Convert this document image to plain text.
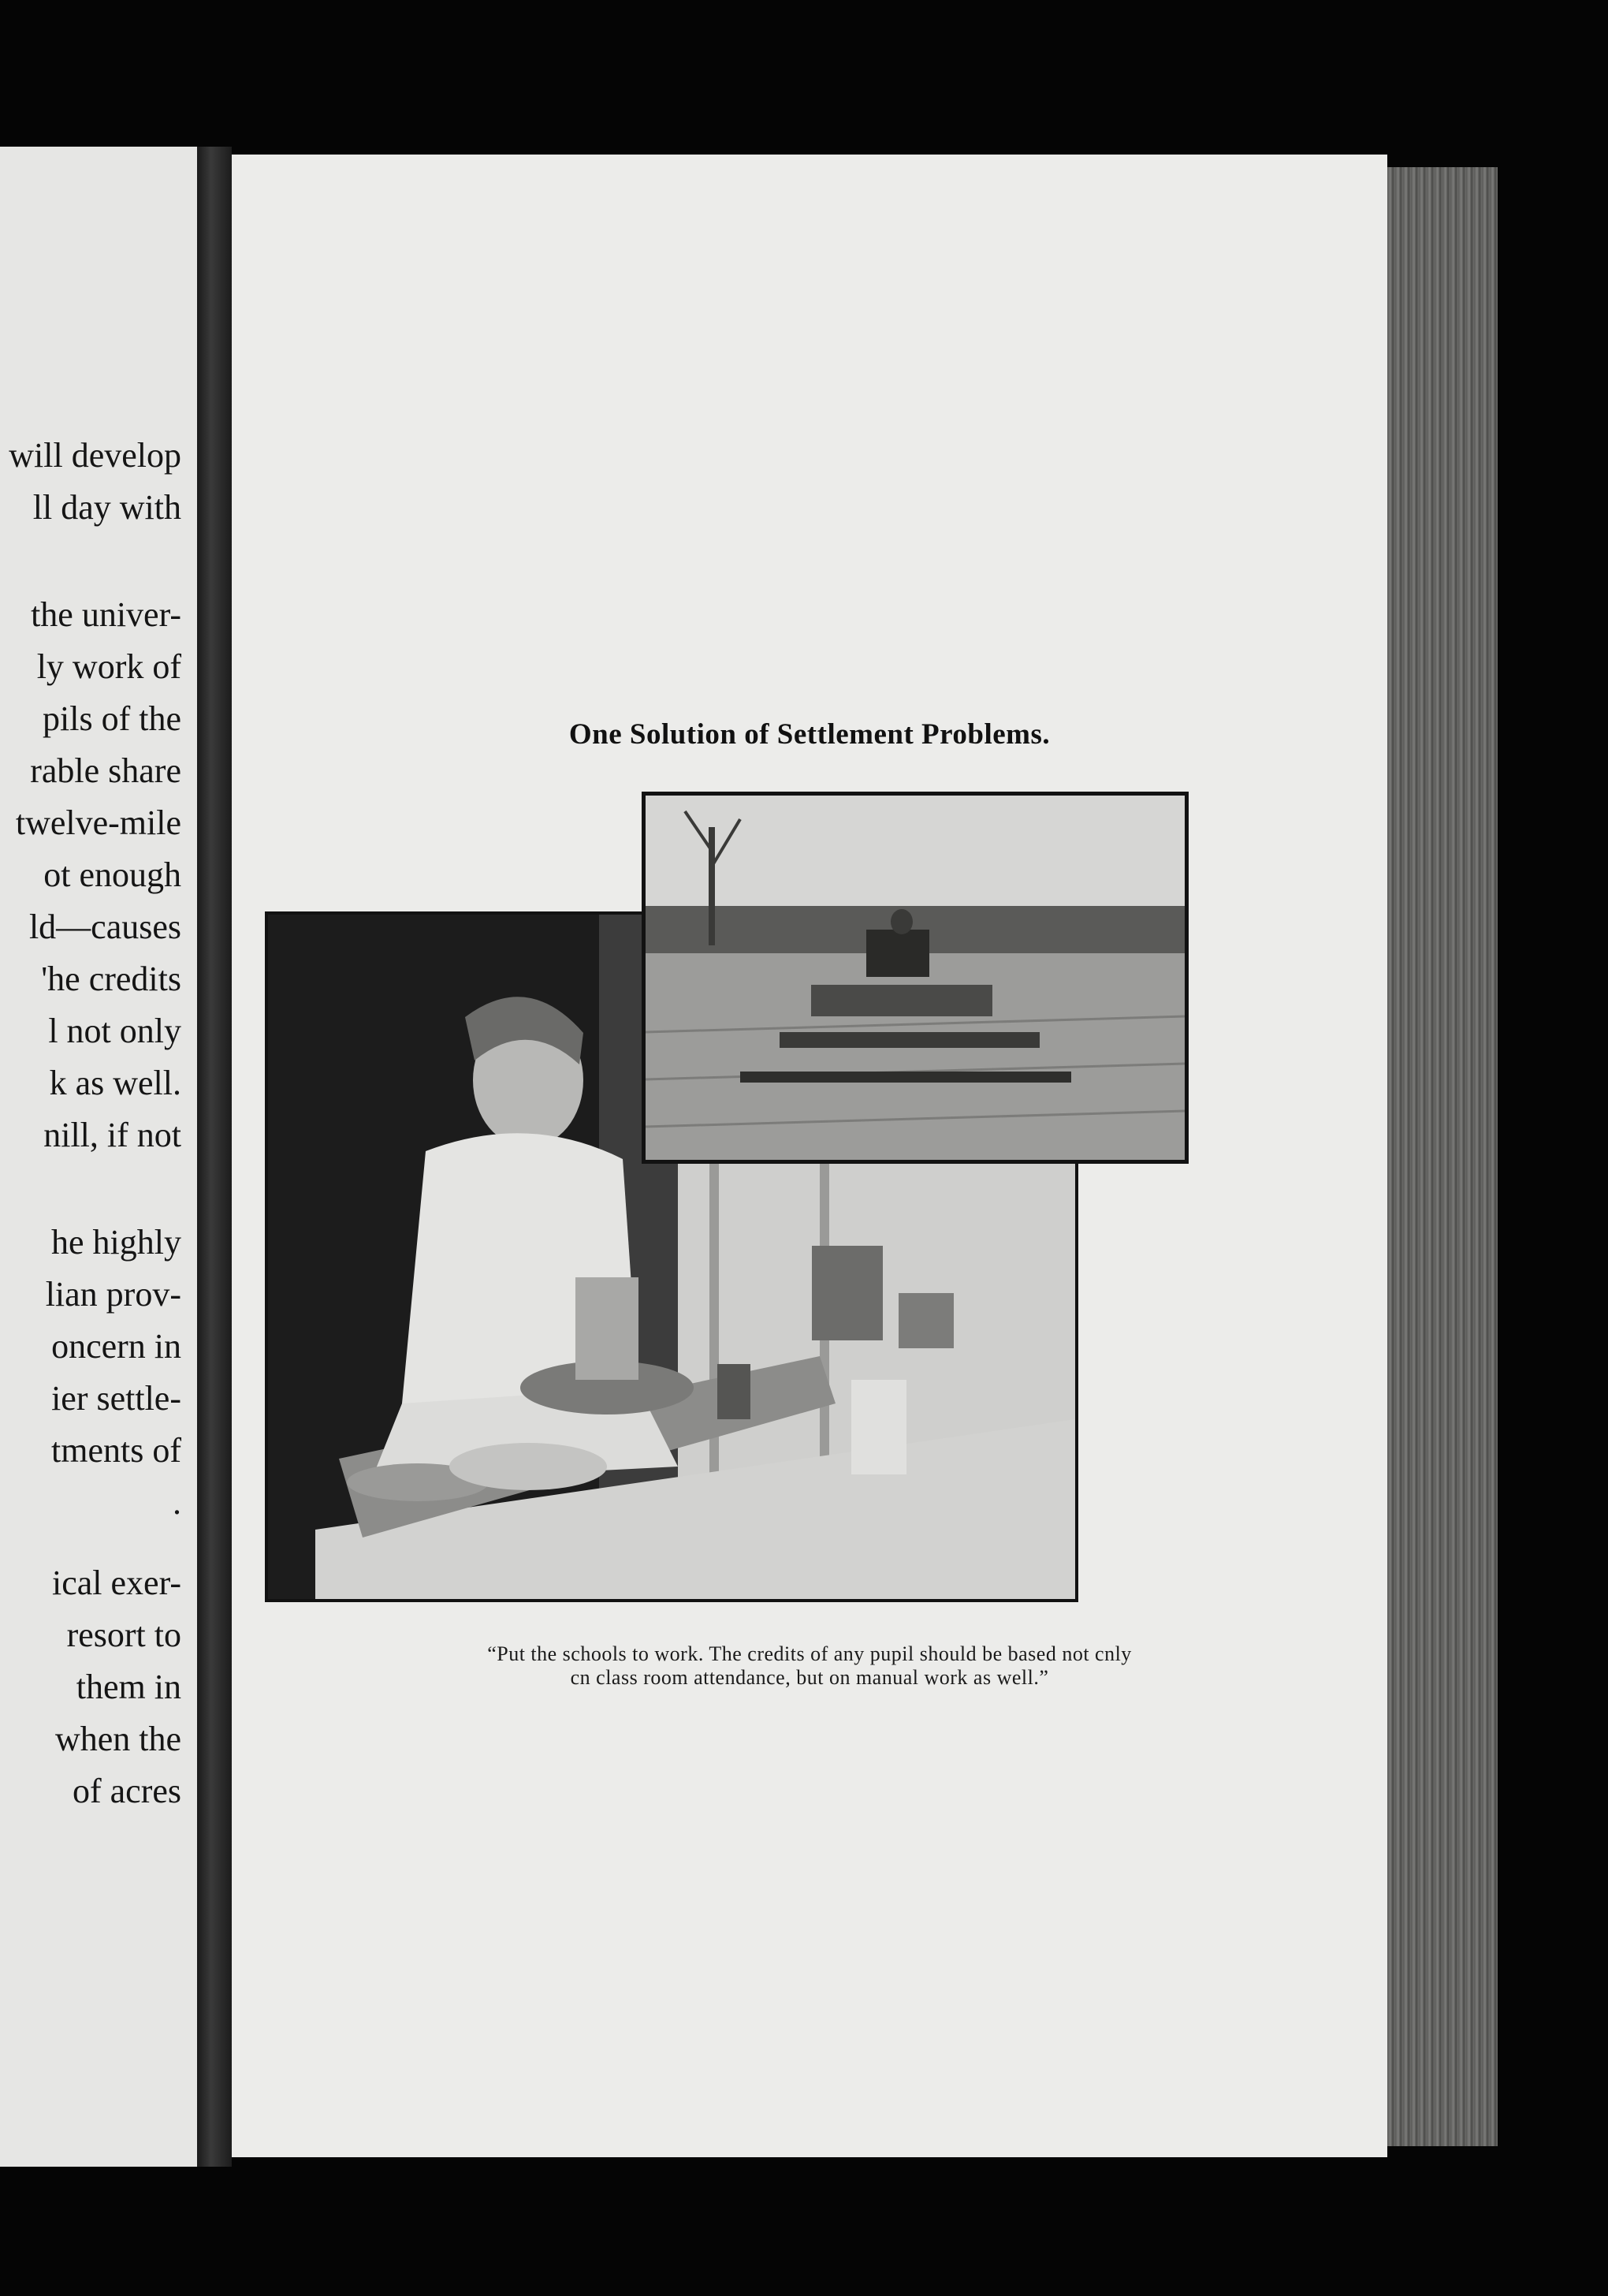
will develop
ll day with
the univer-
ly work of
pils of the
rable share
twelve-mile
ot enough
ld—causes
'he credits
l not only
k as well.
nill, if not
he highly
lian prov-
oncern in
ier settle-
tments of
.
ical exer-
resort to
them in
when the
of acres
One Solution of Settlement Problems.
“Put the schools to work. The credits of any pupil should be based not cnly
cn class room attendance, but on manual work as well.”
